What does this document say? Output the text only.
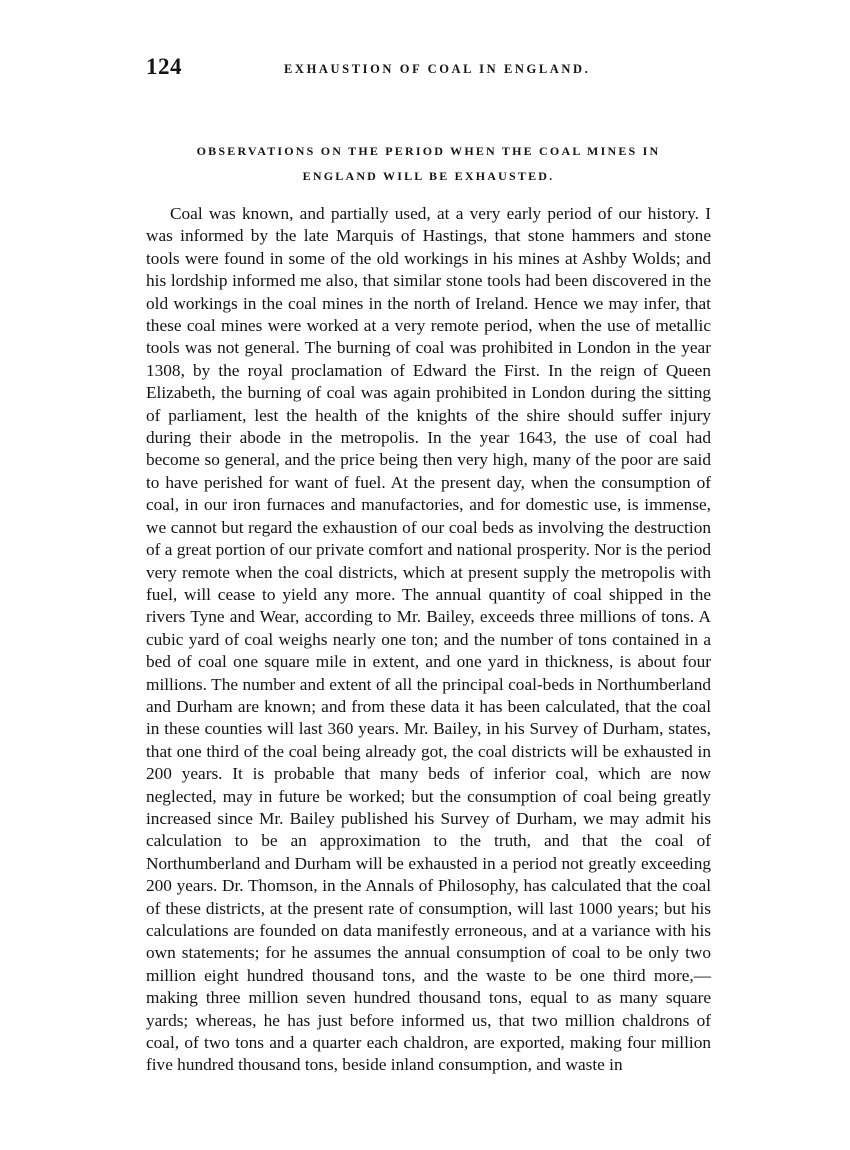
124	EXHAUSTION OF COAL IN ENGLAND.
OBSERVATIONS ON THE PERIOD WHEN THE COAL MINES IN
ENGLAND WILL BE EXHAUSTED.

Coal was known, and partially used, at a very early period of our history. I was informed by the late Marquis of Hastings, that stone hammers and stone tools were found in some of the old workings in his mines at Ashby Wolds; and his lordship informed me also, that similar stone tools had been discovered in the old workings in the coal mines in the north of Ireland. Hence we may infer, that these coal mines were worked at a very remote period, when the use of metallic tools was not general. The burning of coal was prohibited in London in the year 1308, by the royal proclamation of Edward the First. In the reign of Queen Elizabeth, the burning of coal was again prohibited in London during the sitting of parliament, lest the health of the knights of the shire should suffer injury during their abode in the metropolis. In the year 1643, the use of coal had become so general, and the price being then very high, many of the poor are said to have perished for want of fuel. At the present day, when the consumption of coal, in our iron furnaces and manufactories, and for domestic use, is immense, we cannot but regard the exhaustion of our coal beds as involving the destruction of a great portion of our private comfort and national prosperity. Nor is the period very remote when the coal districts, which at present supply the metropolis with fuel, will cease to yield any more. The annual quantity of coal shipped in the rivers Tyne and Wear, according to Mr. Bailey, exceeds three millions of tons. A cubic yard of coal weighs nearly one ton; and the number of tons contained in a bed of coal one square mile in extent, and one yard in thickness, is about four millions. The number and extent of all the principal coal-beds in Northumberland and Durham are known; and from these data it has been calculated, that the coal in these counties will last 360 years. Mr. Bailey, in his Survey of Durham, states, that one third of the coal being already got, the coal districts will be exhausted in 200 years. It is probable that many beds of inferior coal, which are now neglected, may in future be worked; but the consumption of coal being greatly increased since Mr. Bailey published his Survey of Durham, we may admit his calculation to be an approximation to the truth, and that the coal of Northumberland and Durham will be exhausted in a period not greatly exceeding 200 years. Dr. Thomson, in the Annals of Philosophy, has calculated that the coal of these districts, at the present rate of consumption, will last 1000 years; but his calculations are founded on data manifestly erroneous, and at a variance with his own statements; for he assumes the annual consumption of coal to be only two million eight hundred thousand tons, and the waste to be one third more,—making three million seven hundred thousand tons, equal to as many square yards; whereas, he has just before informed us, that two million chaldrons of coal, of two tons and a quarter each chaldron, are exported, making four million five hundred thousand tons, beside inland consumption, and waste in
